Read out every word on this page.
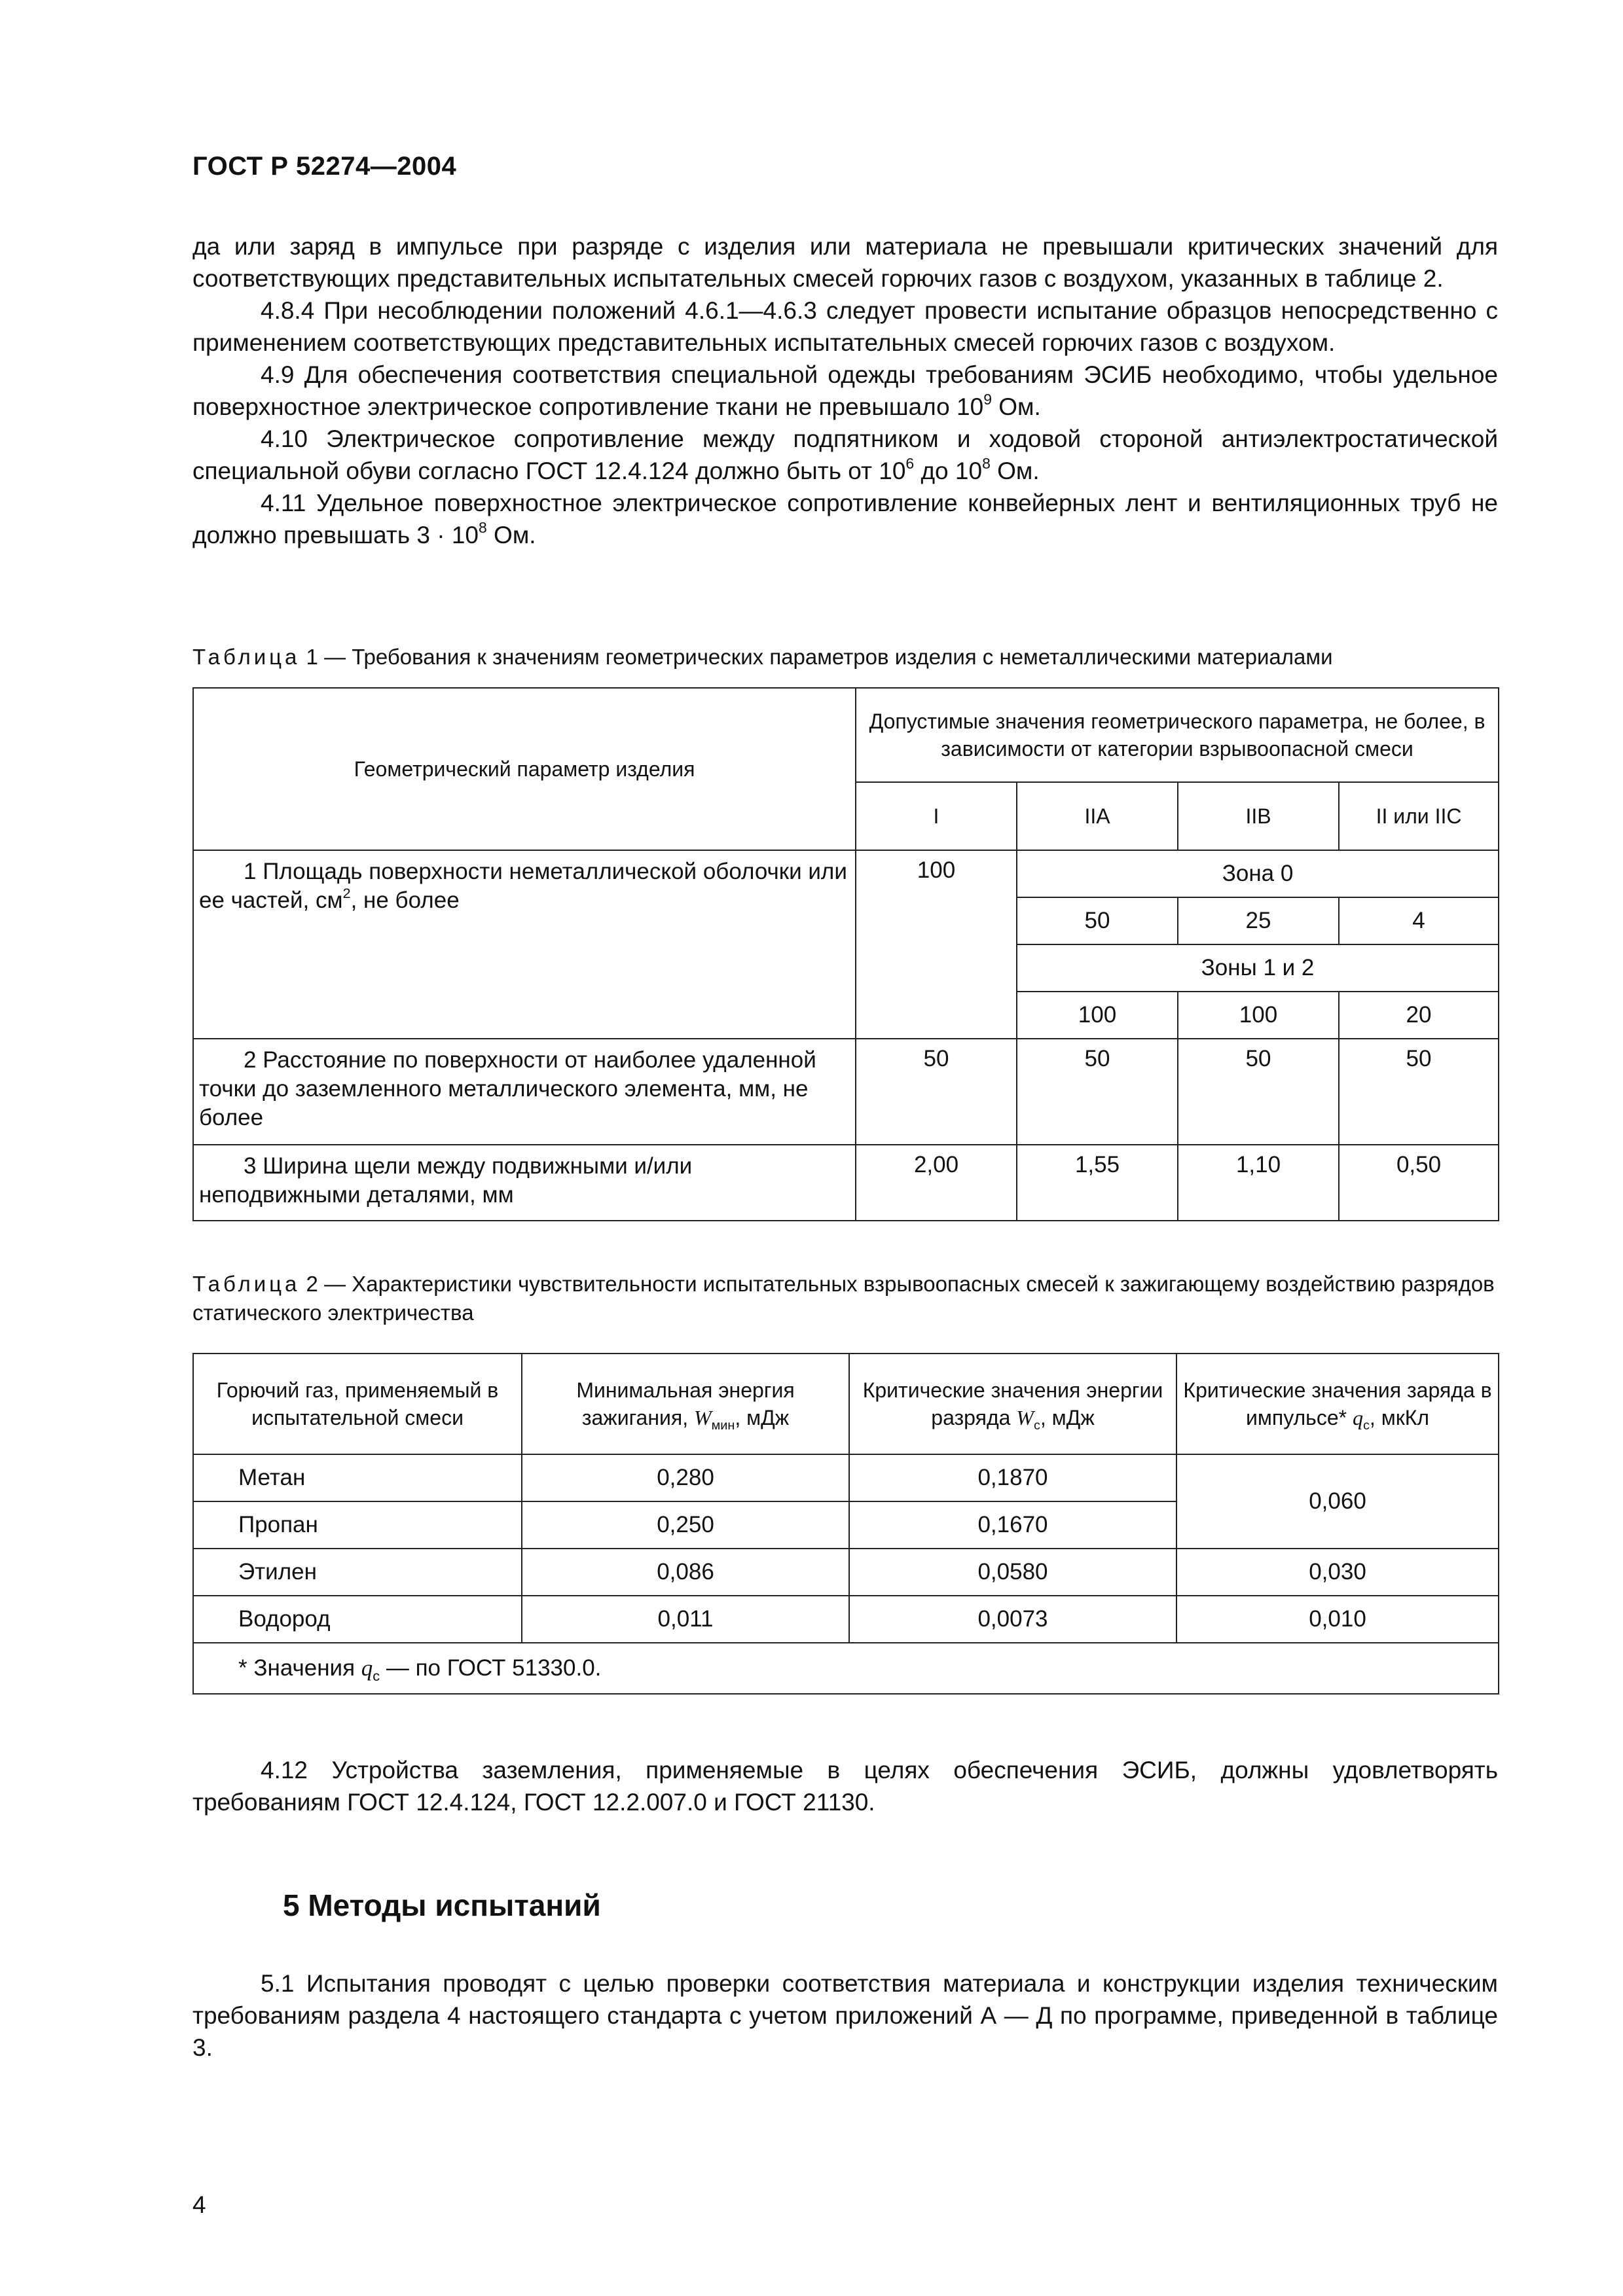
ГОСТ Р 52274—2004

да или заряд в импульсе при разряде с изделия или материала не превышали критических значений для соответствующих представительных испытательных смесей горючих газов с воздухом, указанных в таблице 2.

4.8.4 При несоблюдении положений 4.6.1—4.6.3 следует провести испытание образцов непосредственно с применением соответствующих представительных испытательных смесей горючих газов с воздухом.

4.9 Для обеспечения соответствия специальной одежды требованиям ЭСИБ необходимо, чтобы удельное поверхностное электрическое сопротивление ткани не превышало $10^9$ Ом.

4.10 Электрическое сопротивление между подпятником и ходовой стороной антиэлектростатической специальной обуви согласно ГОСТ 12.4.124 должно быть от $10^6$ до $10^8$ Ом.

4.11 Удельное поверхностное электрическое сопротивление конвейерных лент и вентиляционных труб не должно превышать $3 \cdot 10^8$ Ом.

Таблица 1 — Требования к значениям геометрических параметров изделия с неметаллическими материалами
Геометрический параметр изделия	Допустимые значения геометрического параметра, не более, в зависимости от категории взрывоопасной смеси			
	I	IIA	IIB	II или IIC
1 Площадь поверхности неметаллической оболочки или ее частей, $см^2$, не более	100	Зона 0		
		50	25	4
		Зоны 1 и 2		
		100	100	20
2 Расстояние по поверхности от наиболее удаленной точки до заземленного металлического элемента, мм, не более	50	50	50	50
3 Ширина щели между подвижными и/или неподвижными деталями, мм	2,00	1,55	1,10	0,50
Таблица 2 — Характеристики чувствительности испытательных взрывоопасных смесей к зажигающему воздействию разрядов статического электричества
Горючий газ, применяемый в испытательной смеси	Минимальная энергия зажигания, $W_{мин}$, мДж	Критические значения энергии разряда $W_c$, мДж	Критические значения заряда в импульсе* $q_c$, мкКл
Метан	0,280	0,1870	0,060
Пропан	0,250	0,1670	
Этилен	0,086	0,0580	0,030
Водород	0,011	0,0073	0,010
* Значения $q_c$ — по ГОСТ 51330.0.			

4.12 Устройства заземления, применяемые в целях обеспечения ЭСИБ, должны удовлетворять требованиям ГОСТ 12.4.124, ГОСТ 12.2.007.0 и ГОСТ 21130.

5 Методы испытаний

5.1 Испытания проводят с целью проверки соответствия материала и конструкции изделия техническим требованиям раздела 4 настоящего стандарта с учетом приложений А — Д по программе, приведенной в таблице 3.

4
